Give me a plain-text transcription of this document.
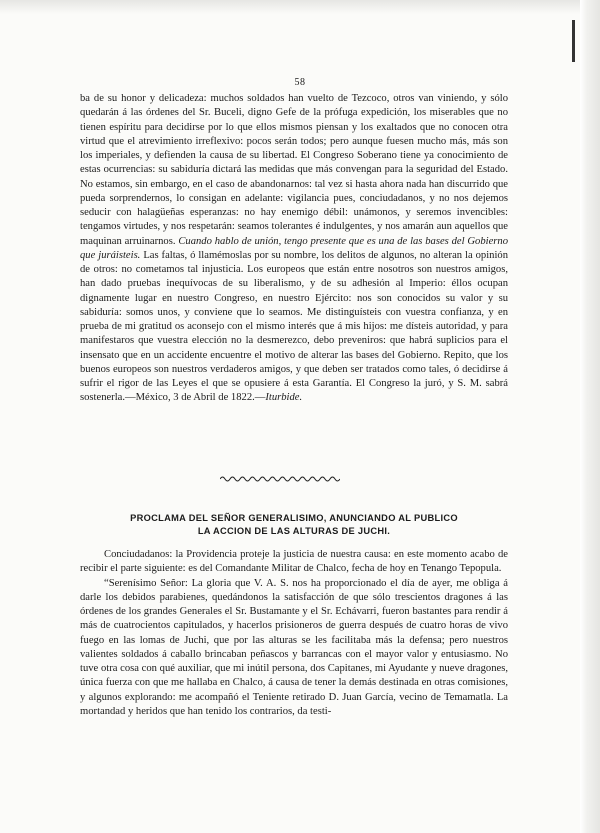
58

ba de su honor y delicadeza: muchos soldados han vuelto de Tezcoco, otros van viniendo, y sólo quedarán á las órdenes del Sr. Buceli, digno Gefe de la prófuga expedición, los miserables que no tienen espíritu para decidirse por lo que ellos mismos piensan y los exaltados que no conocen otra virtud que el atrevimiento irreflexivo: pocos serán todos; pero aunque fuesen mucho más, más son los imperiales, y defienden la causa de su libertad. El Congreso Soberano tiene ya conocimiento de estas ocurrencias: su sabiduría dictará las medidas que más convengan para la seguridad del Estado. No estamos, sin embargo, en el caso de abandonarnos: tal vez si hasta ahora nada han discurrido que pueda sorprendernos, lo consigan en adelante: vigilancia pues, conciudadanos, y no nos dejemos seducir con halagüeñas esperanzas: no hay enemigo débil: unámonos, y seremos invencibles: tengamos virtudes, y nos respetarán: seamos tolerantes é indulgentes, y nos amarán aun aquellos que maquinan arruinarnos. Cuando hablo de unión, tengo presente que es una de las bases del Gobierno que juráisteis. Las faltas, ó llamémoslas por su nombre, los delitos de algunos, no alteran la opinión de otros: no cometamos tal injusticia. Los europeos que están entre nosotros son nuestros amigos, han dado pruebas inequívocas de su liberalismo, y de su adhesión al Imperio: éllos ocupan dignamente lugar en nuestro Congreso, en nuestro Ejército: nos son conocidos su valor y su sabiduría: somos unos, y conviene que lo seamos. Me distinguísteis con vuestra confianza, y en prueba de mi gratitud os aconsejo con el mismo interés que á mis hijos: me dísteis autoridad, y para manifestaros que vuestra elección no la desmerezco, debo preveniros: que habrá suplicios para el insensato que en un accidente encuentre el motivo de alterar las bases del Gobierno. Repito, que los buenos europeos son nuestros verdaderos amigos, y que deben ser tratados como tales, ó decidirse á sufrir el rigor de las Leyes el que se opusiere á esta Garantía. El Congreso la juró, y S. M. sabrá sostenerla.—México, 3 de Abril de 1822.—Iturbide.

PROCLAMA DEL SEÑOR GENERALISIMO, ANUNCIANDO AL PUBLICO
LA ACCION DE LAS ALTURAS DE JUCHI.

Conciudadanos: la Providencia proteje la justicia de nuestra causa: en este momento acabo de recibir el parte siguiente: es del Comandante Militar de Chalco, fecha de hoy en Tenango Tepopula.

“Serenísimo Señor: La gloria que V. A. S. nos ha proporcionado el día de ayer, me obliga á darle los debidos parabienes, quedándonos la satisfacción de que sólo trescientos dragones á las órdenes de los grandes Generales el Sr. Bustamante y el Sr. Echávarri, fueron bastantes para rendir á más de cuatrocientos capitulados, y hacerlos prisioneros de guerra después de cuatro horas de vivo fuego en las lomas de Juchi, que por las alturas se les facilitaba más la defensa; pero nuestros valientes soldados á caballo brincaban peñascos y barrancas con el mayor valor y entusiasmo. No tuve otra cosa con qué auxiliar, que mi inútil persona, dos Capitanes, mi Ayudante y nueve dragones, única fuerza con que me hallaba en Chalco, á causa de tener la demás destinada en otras comisiones, y algunos explorando: me acompañó el Teniente retirado D. Juan García, vecino de Temamatla. La mortandad y heridos que han tenido los contrarios, da testi-
